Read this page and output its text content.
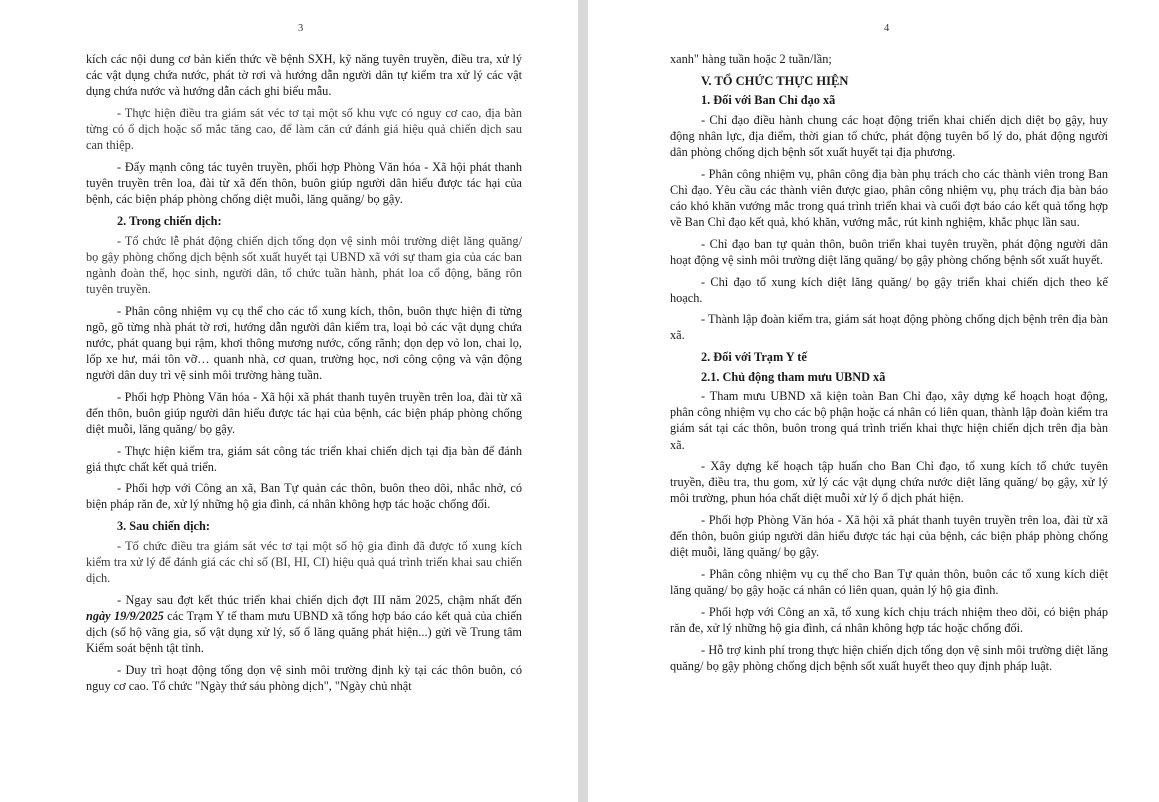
3

kích các nội dung cơ bản kiến thức về bệnh SXH, kỹ năng tuyên truyền, điều tra, xử lý các vật dụng chứa nước, phát tờ rơi và hướng dẫn người dân tự kiểm tra xử lý các vật dụng chứa nước và hướng dẫn cách ghi biểu mẫu.

- Thực hiện điều tra giám sát véc tơ tại một số khu vực có nguy cơ cao, địa bàn từng có ổ dịch hoặc số mắc tăng cao, để làm căn cứ đánh giá hiệu quả chiến dịch sau can thiệp.

- Đẩy mạnh công tác tuyên truyền, phối hợp Phòng Văn hóa - Xã hội phát thanh tuyên truyền trên loa, đài từ xã đến thôn, buôn giúp người dân hiểu được tác hại của bệnh, các biện pháp phòng chống diệt muỗi, lăng quăng/ bọ gậy.

2. Trong chiến dịch:

- Tổ chức lễ phát động chiến dịch tổng dọn vệ sinh môi trường diệt lăng quăng/ bọ gậy phòng chống dịch bệnh sốt xuất huyết tại UBND xã với sự tham gia của các ban ngành đoàn thể, học sinh, người dân, tổ chức tuần hành, phát loa cổ động, băng rôn tuyên truyền.

- Phân công nhiệm vụ cụ thể cho các tổ xung kích, thôn, buôn thực hiện đi từng ngõ, gõ từng nhà phát tờ rơi, hướng dẫn người dân kiểm tra, loại bỏ các vật dụng chứa nước, phát quang bụi rậm, khơi thông mương nước, cống rãnh; dọn dẹp vỏ lon, chai lọ, lốp xe hư, mái tôn vỡ… quanh nhà, cơ quan, trường học, nơi công cộng và vận động người dân duy trì vệ sinh môi trường hàng tuần.

- Phối hợp Phòng Văn hóa - Xã hội xã phát thanh tuyên truyền trên loa, đài từ xã đến thôn, buôn giúp người dân hiểu được tác hại của bệnh, các biện pháp phòng chống diệt muỗi, lăng quăng/ bọ gậy.

- Thực hiện kiểm tra, giám sát công tác triển khai chiến dịch tại địa bàn để đánh giá thực chất kết quả triển.

- Phối hợp với Công an xã, Ban Tự quản các thôn, buôn theo dõi, nhắc nhở, có biện pháp răn đe, xử lý những hộ gia đình, cá nhân không hợp tác hoặc chống đối.

3. Sau chiến dịch:

- Tổ chức điều tra giám sát véc tơ tại một số hộ gia đình đã được tổ xung kích kiểm tra xử lý để đánh giá các chỉ số (BI, HI, CI) hiệu quả quá trình triển khai sau chiến dịch.

- Ngay sau đợt kết thúc triển khai chiến dịch đợt III năm 2025, chậm nhất đến ngày 19/9/2025 các Trạm Y tế tham mưu UBND xã tổng hợp báo cáo kết quả của chiến dịch (số hộ vãng gia, số vật dụng xử lý, số ổ lăng quăng phát hiện...) gửi về Trung tâm Kiểm soát bệnh tật tỉnh.

- Duy trì hoạt động tổng dọn vệ sinh môi trường định kỳ tại các thôn buôn, có nguy cơ cao. Tổ chức "Ngày thứ sáu phòng dịch", "Ngày chủ nhật

4

xanh" hàng tuần hoặc 2 tuần/lần;

V. TỔ CHỨC THỰC HIỆN
1. Đối với Ban Chỉ đạo xã

- Chỉ đạo điều hành chung các hoạt động triển khai chiến dịch diệt bọ gậy, huy động nhân lực, địa điểm, thời gian tổ chức, phát động tuyên bố lý do, phát động người dân phòng chống dịch bệnh sốt xuất huyết tại địa phương.

- Phân công nhiệm vụ, phân công địa bàn phụ trách cho các thành viên trong Ban Chỉ đạo. Yêu cầu các thành viên được giao, phân công nhiệm vụ, phụ trách địa bàn báo cáo khó khăn vướng mắc trong quá trình triển khai và cuối đợt báo cáo kết quả tổng hợp về Ban Chỉ đạo kết quả, khó khăn, vướng mắc, rút kinh nghiệm, khắc phục lần sau.

- Chỉ đạo ban tự quản thôn, buôn triển khai tuyên truyền, phát động người dân hoạt động vệ sinh môi trường diệt lăng quăng/ bọ gậy phòng chống bệnh sốt xuất huyết.

- Chỉ đạo tổ xung kích diệt lăng quăng/ bọ gậy triển khai chiến dịch theo kế hoạch.

- Thành lập đoàn kiểm tra, giám sát hoạt động phòng chống dịch bệnh trên địa bàn xã.

2. Đối với Trạm Y tế
2.1. Chủ động tham mưu UBND xã

- Tham mưu UBND xã kiện toàn Ban Chỉ đạo, xây dựng kế hoạch hoạt động, phân công nhiệm vụ cho các bộ phận hoặc cá nhân có liên quan, thành lập đoàn kiểm tra giám sát tại các thôn, buôn trong quá trình triển khai thực hiện chiến dịch trên địa bàn xã.

- Xây dựng kế hoạch tập huấn cho Ban Chỉ đạo, tổ xung kích tổ chức tuyên truyền, điều tra, thu gom, xử lý các vật dụng chứa nước diệt lăng quăng/ bọ gậy, xử lý môi trường, phun hóa chất diệt muỗi xử lý ổ dịch phát hiện.

- Phối hợp Phòng Văn hóa - Xã hội xã phát thanh tuyên truyền trên loa, đài từ xã đến thôn, buôn giúp người dân hiểu được tác hại của bệnh, các biện pháp phòng chống diệt muỗi, lăng quăng/ bọ gậy.

- Phân công nhiệm vụ cụ thể cho Ban Tự quản thôn, buôn các tổ xung kích diệt lăng quăng/ bọ gậy hoặc cá nhân có liên quan, quản lý hộ gia đình.

- Phối hợp với Công an xã, tổ xung kích chịu trách nhiệm theo dõi, có biện pháp răn đe, xử lý những hộ gia đình, cá nhân không hợp tác hoặc chống đối.

- Hỗ trợ kinh phí trong thực hiện chiến dịch tổng dọn vệ sinh môi trường diệt lăng quăng/ bọ gậy phòng chống dịch bệnh sốt xuất huyết theo quy định pháp luật.
